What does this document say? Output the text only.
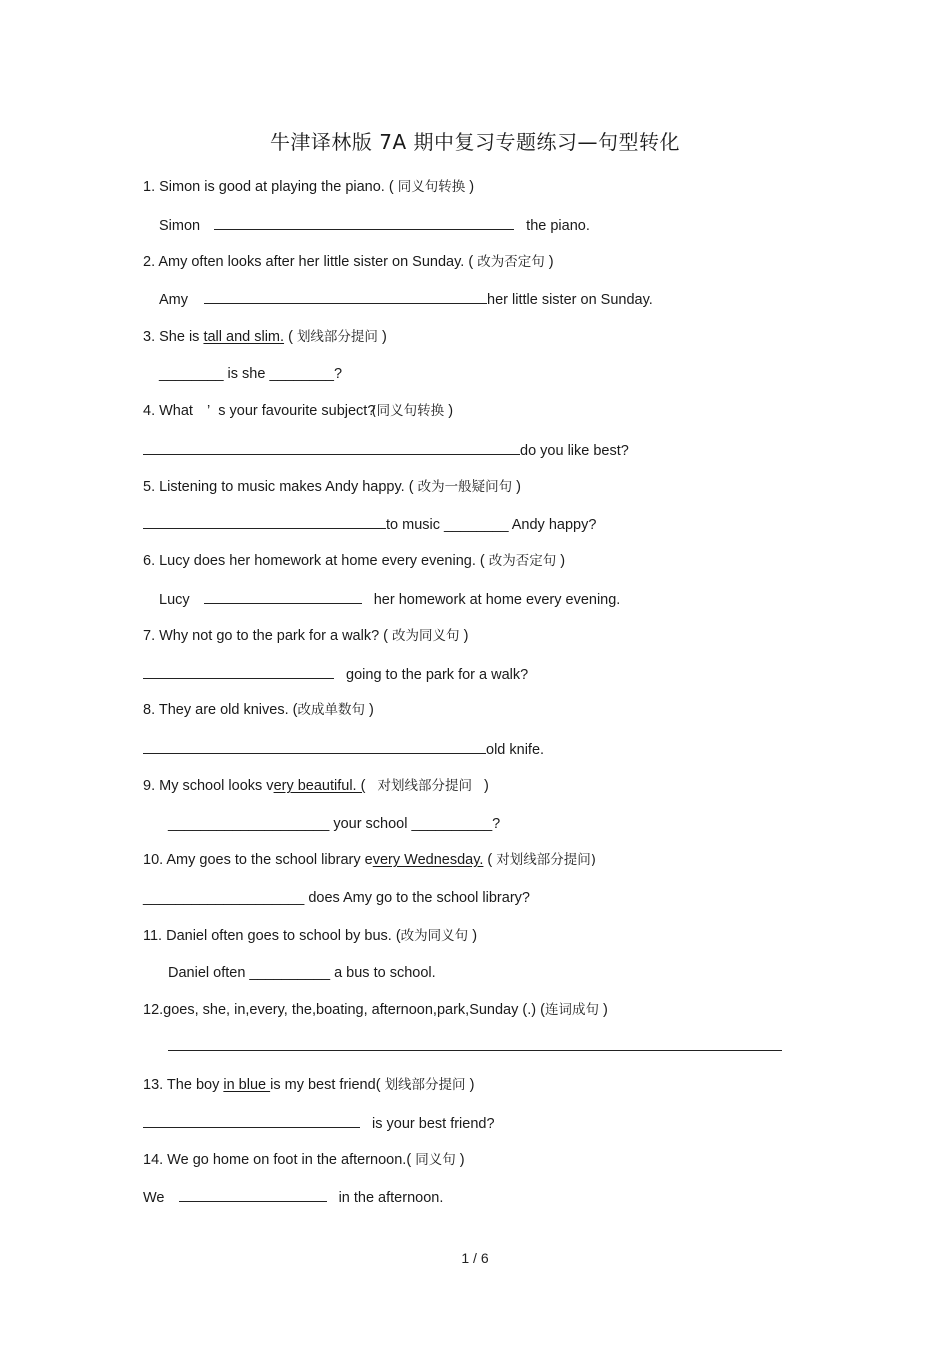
牛津译林版 7A 期中复习专题练习—句型转化
1. Simon is good at playing the piano. ( 同义句转换 )
Simon	the piano.
2. Amy often looks after her little sister on Sunday. ( 改为否定句 )
Amy	her little sister on Sunday.
3. She is tall and slim. ( 划线部分提问 )
________ is she ________?
4. What ’ s your favourite subject?(同义句转换 )
do you like best?
5. Listening to music makes Andy happy. ( 改为一般疑问句 )
to music ________ Andy happy?
6. Lucy does her homework at home every evening. ( 改为否定句 )
Lucy	her homework at home every evening.
7. Why not go to the park for a walk? ( 改为同义句 )
going to the park for a walk?
8. They are old knives. (改成单数句 )
old knife.
9. My school looks very beautiful. ( 对划线部分提问 )
____________________ your school __________?
10. Amy goes to the school library every Wednesday. ( 对划线部分提问)
____________________ does Amy go to the school library?
11. Daniel often goes to school by bus. (改为同义句 )
Daniel often __________ a bus to school.
12.goes, she, in,every, the,boating, afternoon,park,Sunday (.) (连词成句 )
13. The boy in blue is my best friend( 划线部分提问 )
is your best friend?
14. We go home on foot in the afternoon.( 同义句 )
We	in the afternoon.
1 / 6
